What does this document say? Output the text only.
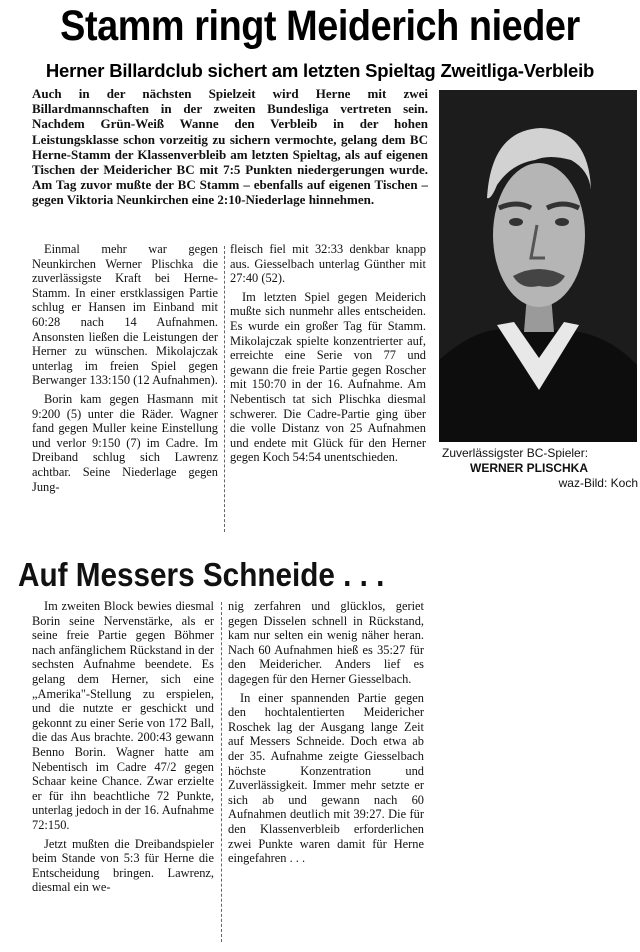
Stamm ringt Meiderich nieder
Herner Billardclub sichert am letzten Spieltag Zweitliga-Verbleib
Auch in der nächsten Spielzeit wird Herne mit zwei Billardmannschaften in der zweiten Bundesliga vertreten sein. Nachdem Grün-Weiß Wanne den Verbleib in der hohen Leistungsklasse schon vorzeitig zu sichern vermochte, gelang dem BC Herne-Stamm der Klassenverbleib am letzten Spieltag, als auf eigenen Tischen der Meidericher BC mit 7:5 Punkten niedergerungen wurde. Am Tag zuvor mußte der BC Stamm – ebenfalls auf eigenen Tischen – gegen Viktoria Neunkirchen eine 2:10-Niederlage hinnehmen.

Einmal mehr war gegen Neunkirchen Werner Plischka die zuverlässigste Kraft bei Herne-Stamm. In einer erstklassigen Partie schlug er Hansen im Einband mit 60:28 nach 14 Aufnahmen. Ansonsten ließen die Leistungen der Herner zu wünschen. Mikolajczak unterlag im freien Spiel gegen Berwanger 133:150 (12 Aufnahmen).

Borin kam gegen Hasmann mit 9:200 (5) unter die Räder. Wagner fand gegen Muller keine Einstellung und verlor 9:150 (7) im Cadre. Im Dreiband schlug sich Lawrenz achtbar. Seine Niederlage gegen Jung-

fleisch fiel mit 32:33 denkbar knapp aus. Giesselbach unterlag Günther mit 27:40 (52).

Im letzten Spiel gegen Meiderich mußte sich nunmehr alles entscheiden. Es wurde ein großer Tag für Stamm. Mikolajczak spielte konzentrierter auf, erreichte eine Serie von 77 und gewann die freie Partie gegen Roscher mit 150:70 in der 16. Aufnahme. Am Nebentisch tat sich Plischka diesmal schwerer. Die Cadre-Partie ging über die volle Distanz von 25 Aufnahmen und endete mit Glück für den Herner gegen Koch 54:54 unentschieden.	Zuverlässigster BC-Spieler:
WERNER PLISCHKA
waz-Bild: Koch
Auf Messers Schneide . . .

Im zweiten Block bewies diesmal Borin seine Nervenstärke, als er seine freie Partie gegen Böhmer nach anfänglichem Rückstand in der sechsten Aufnahme beendete. Es gelang dem Herner, sich eine „Amerika"-Stellung zu erspielen, und die nutzte er geschickt und gekonnt zu einer Serie von 172 Ball, die das Aus brachte. 200:43 gewann Benno Borin. Wagner hatte am Nebentisch im Cadre 47/2 gegen Schaar keine Chance. Zwar erzielte er für ihn beachtliche 72 Punkte, unterlag jedoch in der 16. Aufnahme 72:150.

Jetzt mußten die Dreibandspieler beim Stande von 5:3 für Herne die Entscheidung bringen. Lawrenz, diesmal ein we-

nig zerfahren und glücklos, geriet gegen Disselen schnell in Rückstand, kam nur selten ein wenig näher heran. Nach 60 Aufnahmen hieß es 35:27 für den Meidericher. Anders lief es dagegen für den Herner Giesselbach.

In einer spannenden Partie gegen den hochtalentierten Meidericher Roschek lag der Ausgang lange Zeit auf Messers Schneide. Doch etwa ab der 35. Aufnahme zeigte Giesselbach höchste Konzentration und Zuverlässigkeit. Immer mehr setzte er sich ab und gewann nach 60 Aufnahmen deutlich mit 39:27. Die für den Klassenverbleib erforderlichen zwei Punkte waren damit für Herne eingefahren . . .
